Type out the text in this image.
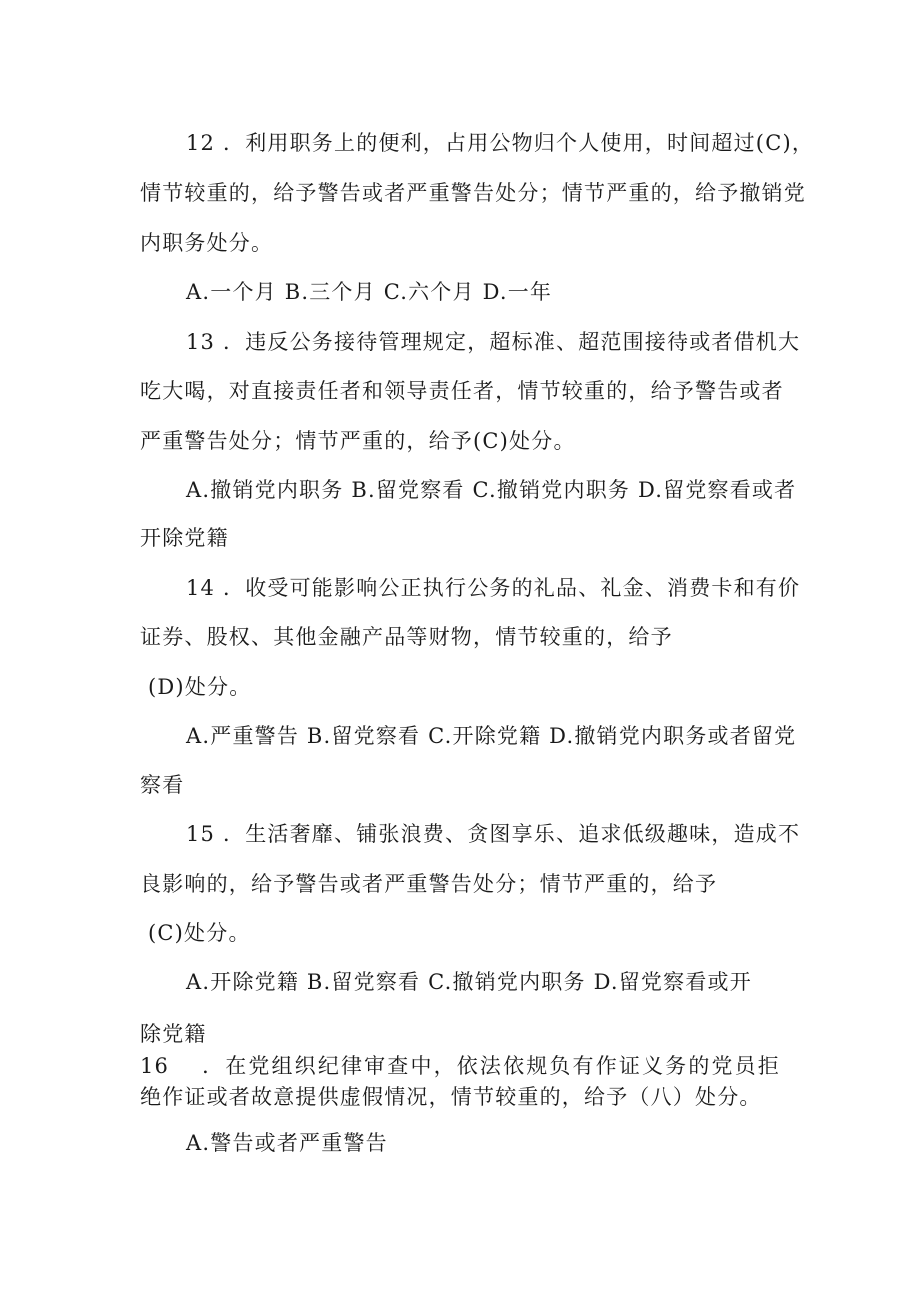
12 ．利用职务上的便利，占用公物归个人使用，时间超过(C)，
情节较重的，给予警告或者严重警告处分；情节严重的，给予撤销党
内职务处分。
A.一个月 B.三个月 C.六个月 D.一年
13 ．违反公务接待管理规定，超标准、超范围接待或者借机大
吃大喝，对直接责任者和领导责任者，情节较重的，给予警告或者
严重警告处分；情节严重的，给予(C)处分。
A.撤销党内职务 B.留党察看 C.撤销党内职务 D.留党察看或者
开除党籍
14 ．收受可能影响公正执行公务的礼品、礼金、消费卡和有价
证券、股权、其他金融产品等财物，情节较重的，给予
(D)处分。
A.严重警告 B.留党察看 C.开除党籍 D.撤销党内职务或者留党
察看
15 ．生活奢靡、铺张浪费、贪图享乐、追求低级趣味，造成不
良影响的，给予警告或者严重警告处分；情节严重的，给予
(C)处分。
A.开除党籍 B.留党察看 C.撤销党内职务 D.留党察看或开
除党籍
16　 ．在党组织纪律审查中，依法依规负有作证义务的党员拒
绝作证或者故意提供虚假情况，情节较重的，给予（八）处分。
A.警告或者严重警告
